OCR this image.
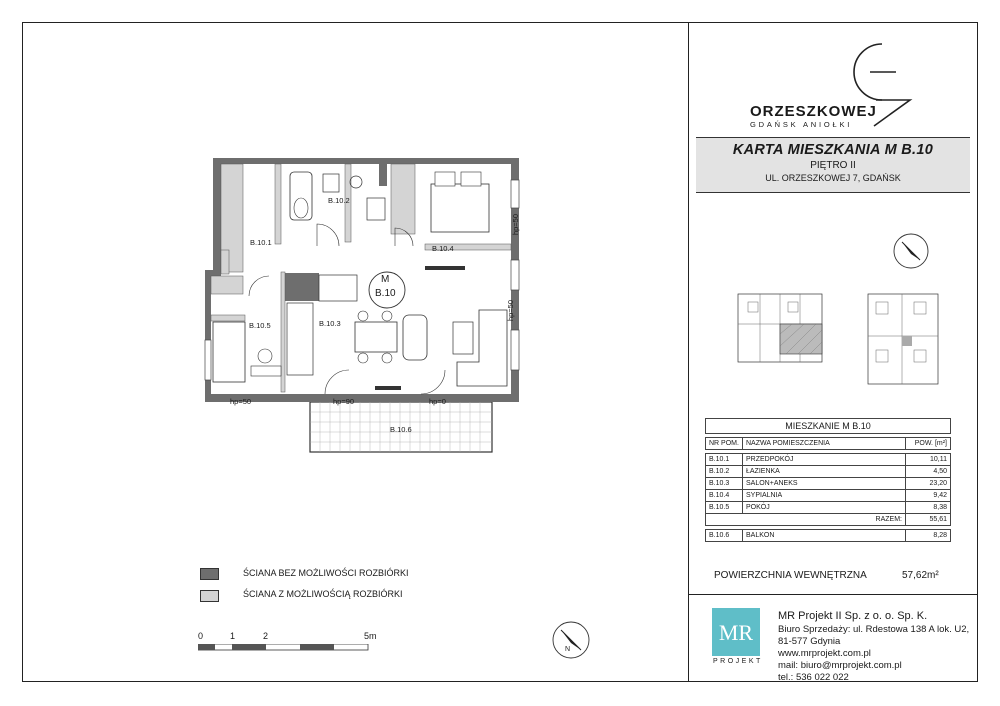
M
B.10
B.10.1
B.10.2
B.10.3
B.10.4
B.10.5
B.10.6
hp=50
hp=50
hp=50	hp=90	hp=0
ŚCIANA BEZ MOŻLIWOŚCI ROZBIÓRKI
ŚCIANA Z MOŻLIWOŚCIĄ ROZBIÓRKI
0	1	2	5m
N
ORZESZKOWEJ
GDAŃSK ANIOŁKI
KARTA MIESZKANIA M B.10
PIĘTRO II
UL. ORZESZKOWEJ 7, GDAŃSK
MIESZKANIE M B.10		

NR POM.	NAZWA POMIESZCZENIA	POW. [m²]

B.10.1	PRZEDPOKÓJ	10,11
B.10.2	ŁAZIENKA	4,50
B.10.3	SALON+ANEKS	23,20
B.10.4	SYPIALNIA	9,42
B.10.5	POKÓJ	8,38
RAZEM:		55,61

B.10.6	BALKON	8,28
POWIERZCHNIA WEWNĘTRZNA	57,62m²
MR
PROJEKT
MR Projekt II Sp. z o. o. Sp. K.
Biuro Sprzedaży: ul. Rdestowa 138 A lok. U2,
81-577 Gdynia
www.mrprojekt.com.pl
mail: biuro@mrprojekt.com.pl
tel.: 536 022 022
